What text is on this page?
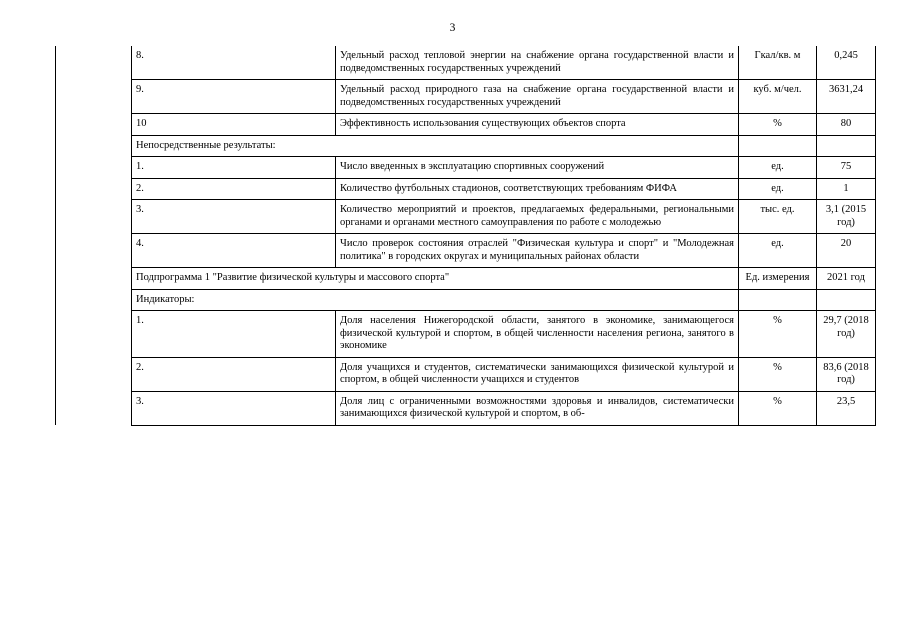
3
	8.	Удельный расход тепловой энергии на снабжение органа государственной власти и подведомственных государственных учреждений	Гкал/кв. м	0,245
	9.	Удельный расход природного газа на снабжение органа государственной власти и подведомственных государственных учреждений	куб. м/чел.	3631,24
	10	Эффективность использования существующих объектов спорта	%	80
	Непосредственные результаты:			
	1.	Число введенных в эксплуатацию спортивных сооружений	ед.	75
	2.	Количество футбольных стадионов, соответствующих требованиям ФИФА	ед.	1
	3.	Количество мероприятий и проектов, предлагаемых федеральными, региональными органами и органами местного самоуправления по работе с молодежью	тыс. ед.	3,1 (2015 год)
	4.	Число проверок состояния отраслей "Физическая культура и спорт" и "Молодежная политика" в городских округах и муниципальных районах области	ед.	20
	Подпрограмма 1 "Развитие физической культуры и массового спорта"		Ед. измерения	2021 год
	Индикаторы:			
	1.	Доля населения Нижегородской области, занятого в экономике, занимающегося физической культурой и спортом, в общей численности населения региона, занятого в экономике	%	29,7 (2018 год)
	2.	Доля учащихся и студентов, систематически занимающихся физической культурой и спортом, в общей численности учащихся и студентов	%	83,6 (2018 год)
	3.	Доля лиц с ограниченными возможностями здоровья и инвалидов, систематически занимающихся физической культурой и спортом, в об-	%	23,5
